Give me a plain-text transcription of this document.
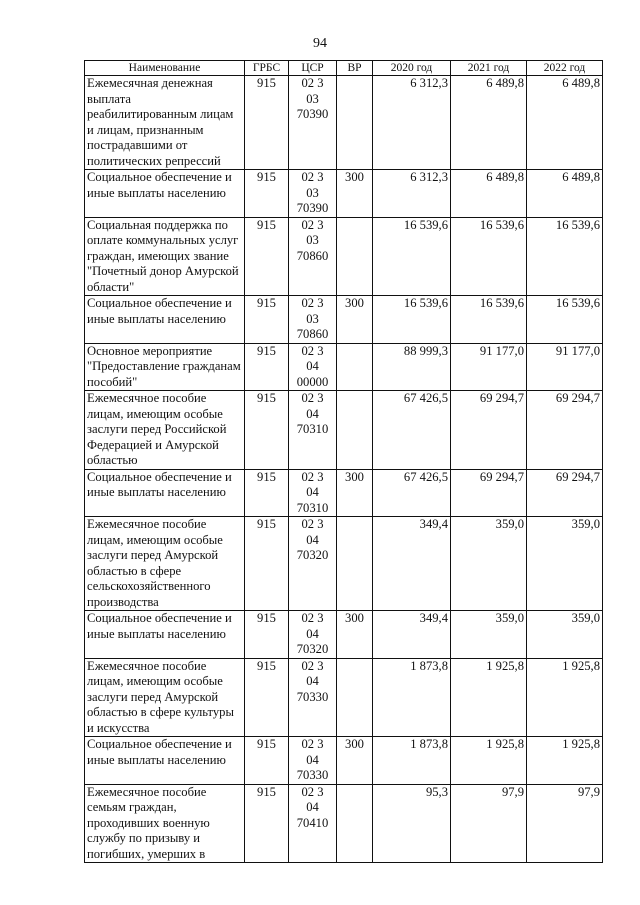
94
Наименование	ГРБС	ЦСР	ВР	2020 год	2021 год	2022 год
Ежемесячная денежная выплата реабилитированным лицам и лицам, признанным пострадавшими от политических репрессий	915	02 3
03
70390		6 312,3	6 489,8	6 489,8
Социальное обеспечение и иные выплаты населению	915	02 3
03
70390	300	6 312,3	6 489,8	6 489,8
Социальная поддержка по оплате коммунальных услуг граждан, имеющих звание "Почетный донор Амурской области"	915	02 3
03
70860		16 539,6	16 539,6	16 539,6
Социальное обеспечение и иные выплаты населению	915	02 3
03
70860	300	16 539,6	16 539,6	16 539,6
Основное мероприятие "Предоставление гражданам пособий"	915	02 3
04
00000		88 999,3	91 177,0	91 177,0
Ежемесячное пособие лицам, имеющим особые заслуги перед Российской Федерацией и Амурской областью	915	02 3
04
70310		67 426,5	69 294,7	69 294,7
Социальное обеспечение и иные выплаты населению	915	02 3
04
70310	300	67 426,5	69 294,7	69 294,7
Ежемесячное пособие лицам, имеющим особые заслуги перед Амурской областью в сфере сельскохозяйственного производства	915	02 3
04
70320		349,4	359,0	359,0
Социальное обеспечение и иные выплаты населению	915	02 3
04
70320	300	349,4	359,0	359,0
Ежемесячное пособие лицам, имеющим особые заслуги перед Амурской областью в сфере культуры и искусства	915	02 3
04
70330		1 873,8	1 925,8	1 925,8
Социальное обеспечение и иные выплаты населению	915	02 3
04
70330	300	1 873,8	1 925,8	1 925,8
Ежемесячное пособие семьям граждан, проходивших военную службу по призыву и погибших, умерших в	915	02 3
04
70410		95,3	97,9	97,9
